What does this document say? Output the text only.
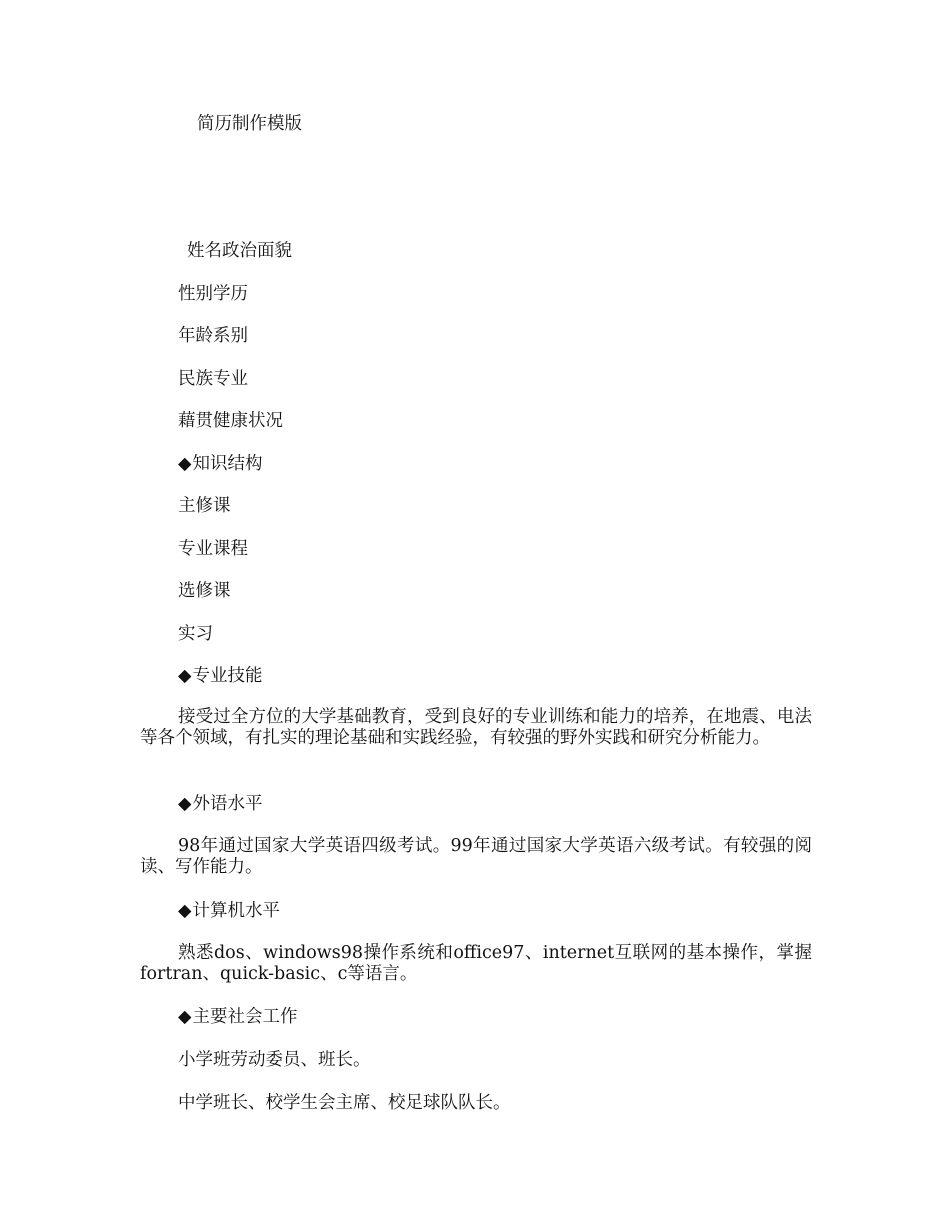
简历制作模版

姓名政治面貌

性别学历

年龄系别

民族专业

藉贯健康状况

◆知识结构

主修课

专业课程

选修课

实习

◆专业技能

接受过全方位的大学基础教育，受到良好的专业训练和能力的培养，在地震、电法等各个领域，有扎实的理论基础和实践经验，有较强的野外实践和研究分析能力。

◆外语水平

98年通过国家大学英语四级考试。99年通过国家大学英语六级考试。有较强的阅读、写作能力。

◆计算机水平

熟悉dos、windows98操作系统和office97、internet互联网的基本操作，掌握fortran、quick-basic、c等语言。

◆主要社会工作

小学班劳动委员、班长。

中学班长、校学生会主席、校足球队队长。
